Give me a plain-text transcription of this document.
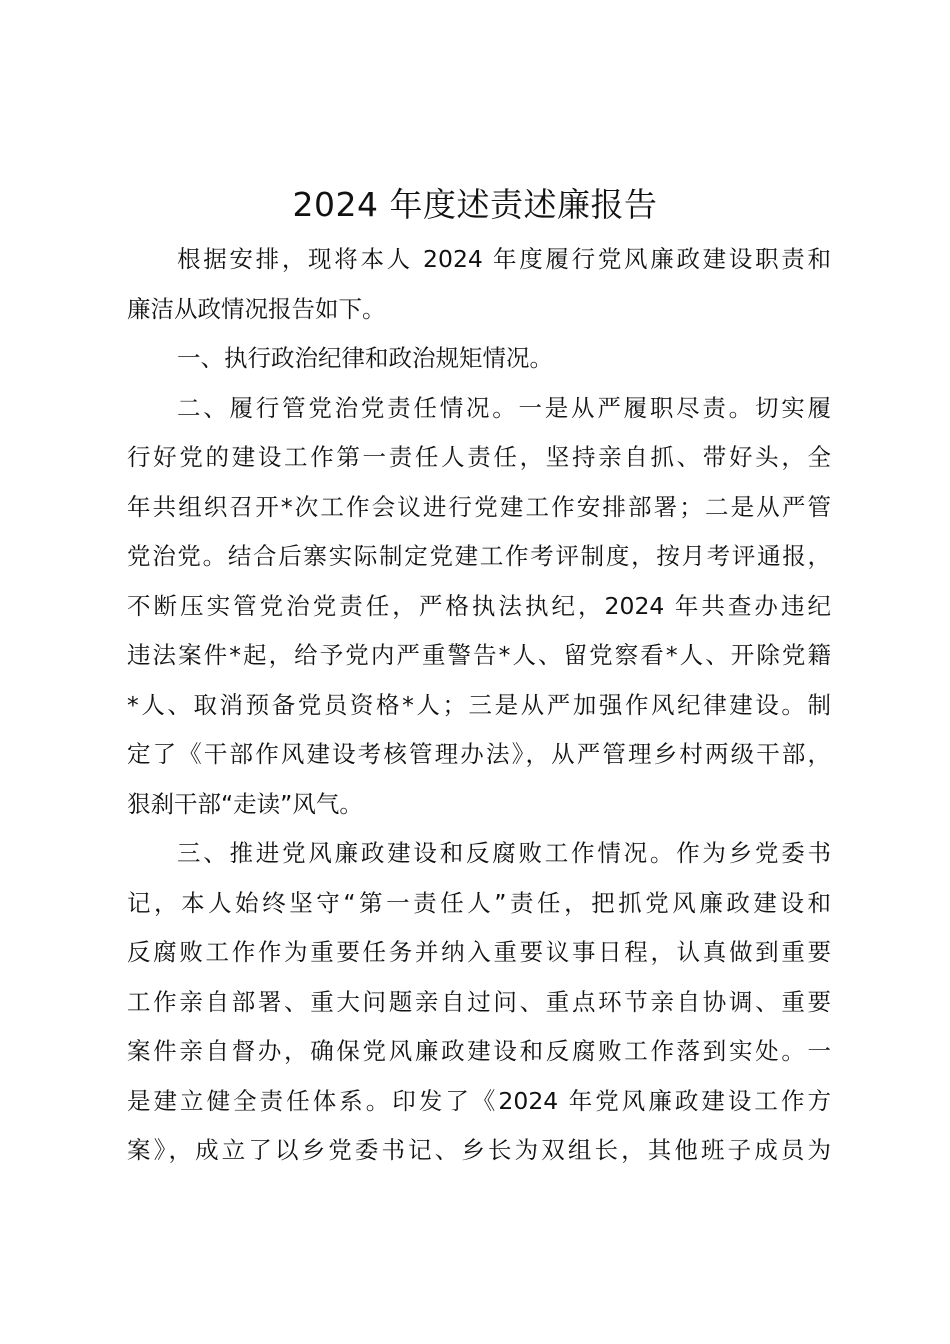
2024 年度述责述廉报告
根据安排，现将本人 2024 年度履行党风廉政建设职责和
廉洁从政情况报告如下。
一、执行政治纪律和政治规矩情况。
二、履行管党治党责任情况。一是从严履职尽责。切实履
行好党的建设工作第一责任人责任，坚持亲自抓、带好头，全
年共组织召开*次工作会议进行党建工作安排部署；二是从严管
党治党。结合后寨实际制定党建工作考评制度，按月考评通报，
不断压实管党治党责任，严格执法执纪，2024 年共查办违纪
违法案件*起，给予党内严重警告*人、留党察看*人、开除党籍
*人、取消预备党员资格*人；三是从严加强作风纪律建设。制
定了《干部作风建设考核管理办法》，从严管理乡村两级干部，
狠刹干部“走读”风气。
三、推进党风廉政建设和反腐败工作情况。作为乡党委书
记，本人始终坚守“第一责任人”责任，把抓党风廉政建设和
反腐败工作作为重要任务并纳入重要议事日程，认真做到重要
工作亲自部署、重大问题亲自过问、重点环节亲自协调、重要
案件亲自督办，确保党风廉政建设和反腐败工作落到实处。一
是建立健全责任体系。印发了《2024 年党风廉政建设工作方
案》，成立了以乡党委书记、乡长为双组长，其他班子成员为
